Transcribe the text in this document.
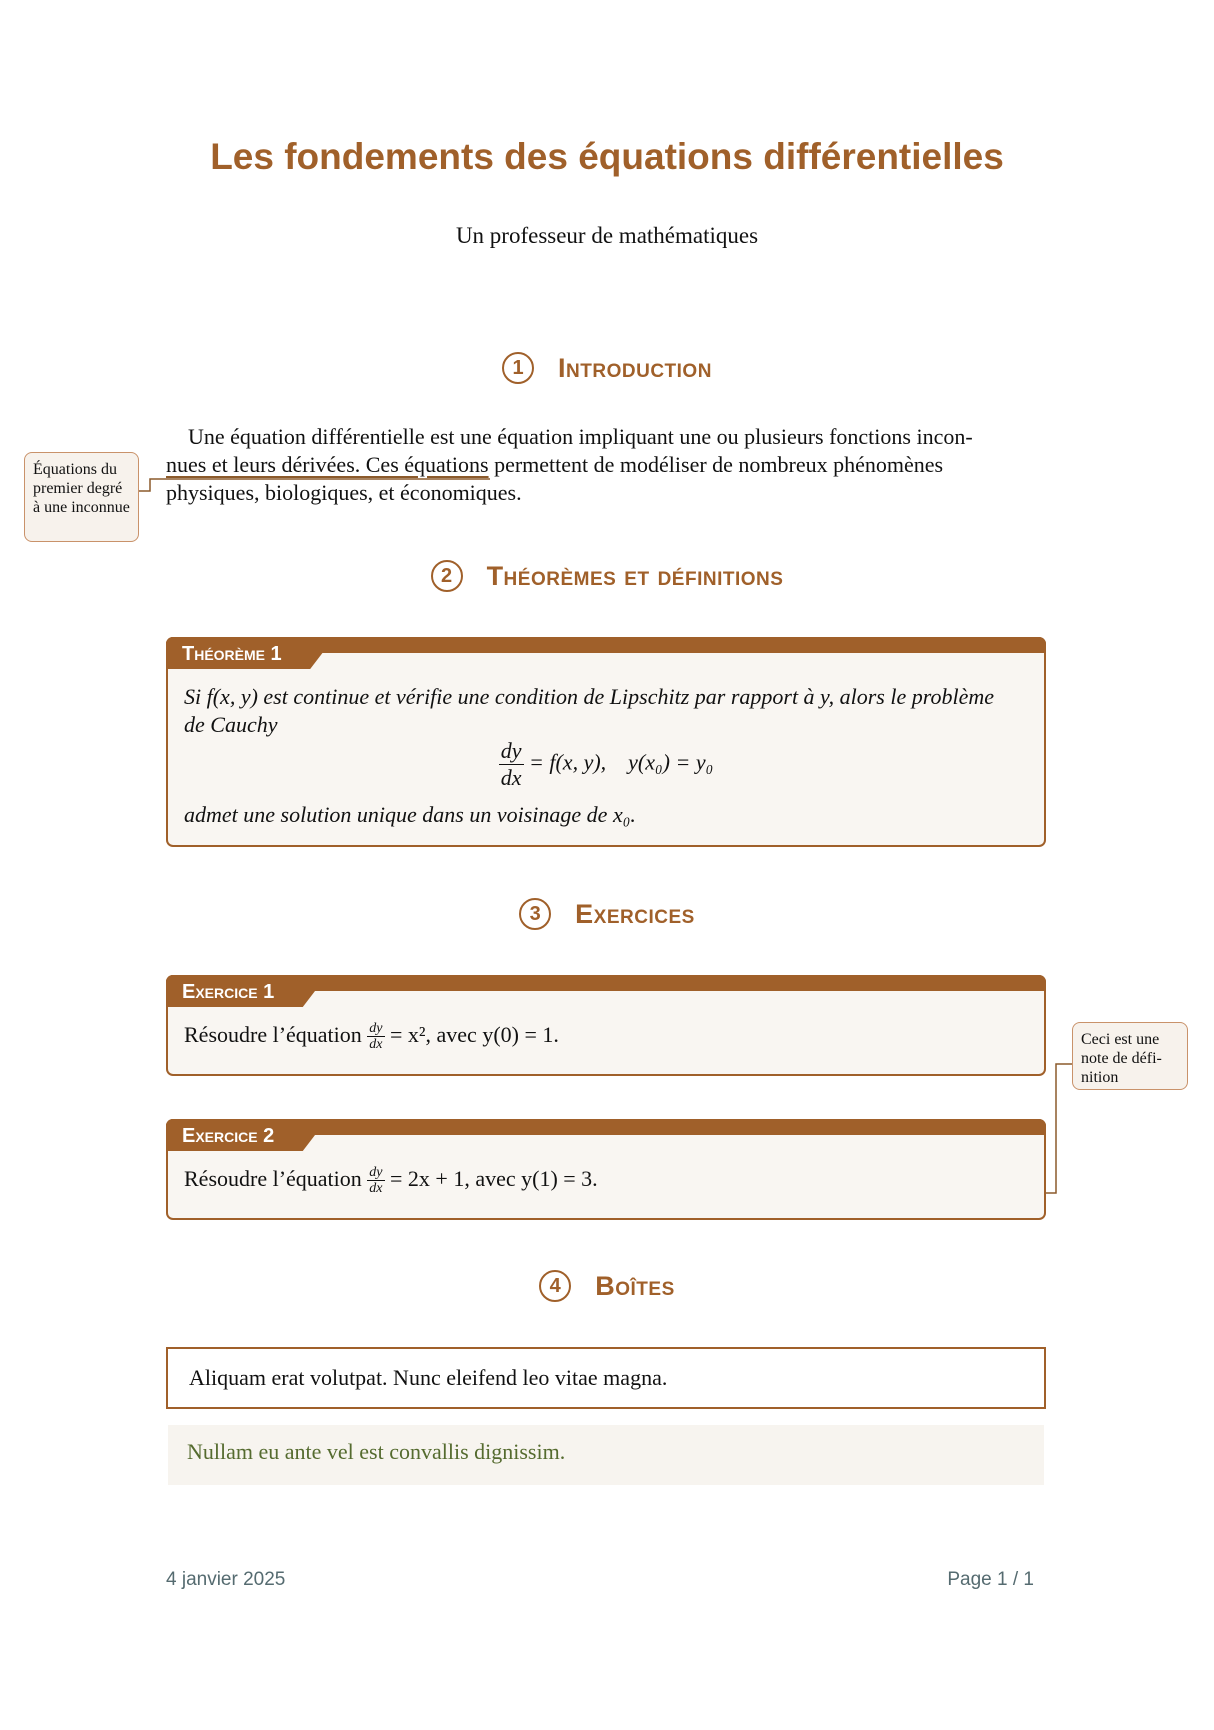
Les fondements des équations différentielles
Un professeur de mathématiques
1	Introduction
Une équation différentielle est une équation impliquant une ou plusieurs fonctions incon-
nues et leurs dérivées. Ces équations permettent de modéliser de nombreux phénomènes
physiques, biologiques, et économiques.
Équations du premier degré à une inconnue
2	Théorèmes et définitions
Théorème 1
Si f(x, y) est continue et vérifie une condition de Lipschitz par rapport à y, alors le problème
de Cauchy
$\frac{dy}{dx} = f(x$, y),    y(x₀) = y₀
admet une solution unique dans un voisinage de x₀.
3	Exercices
Exercice 1
Résoudre l’équation $\frac{dy}{dx} = x^2$, avec y(0) = 1.
Exercice 2
Résoudre l’équation $\frac{dy}{dx} = 2x + 1$, avec y(1) = 3.
Ceci est une note de défi-nition
4	Boîtes
Aliquam erat volutpat. Nunc eleifend leo vitae magna.
Nullam eu ante vel est convallis dignissim.
4 janvier 2025	Page 1 / 1
